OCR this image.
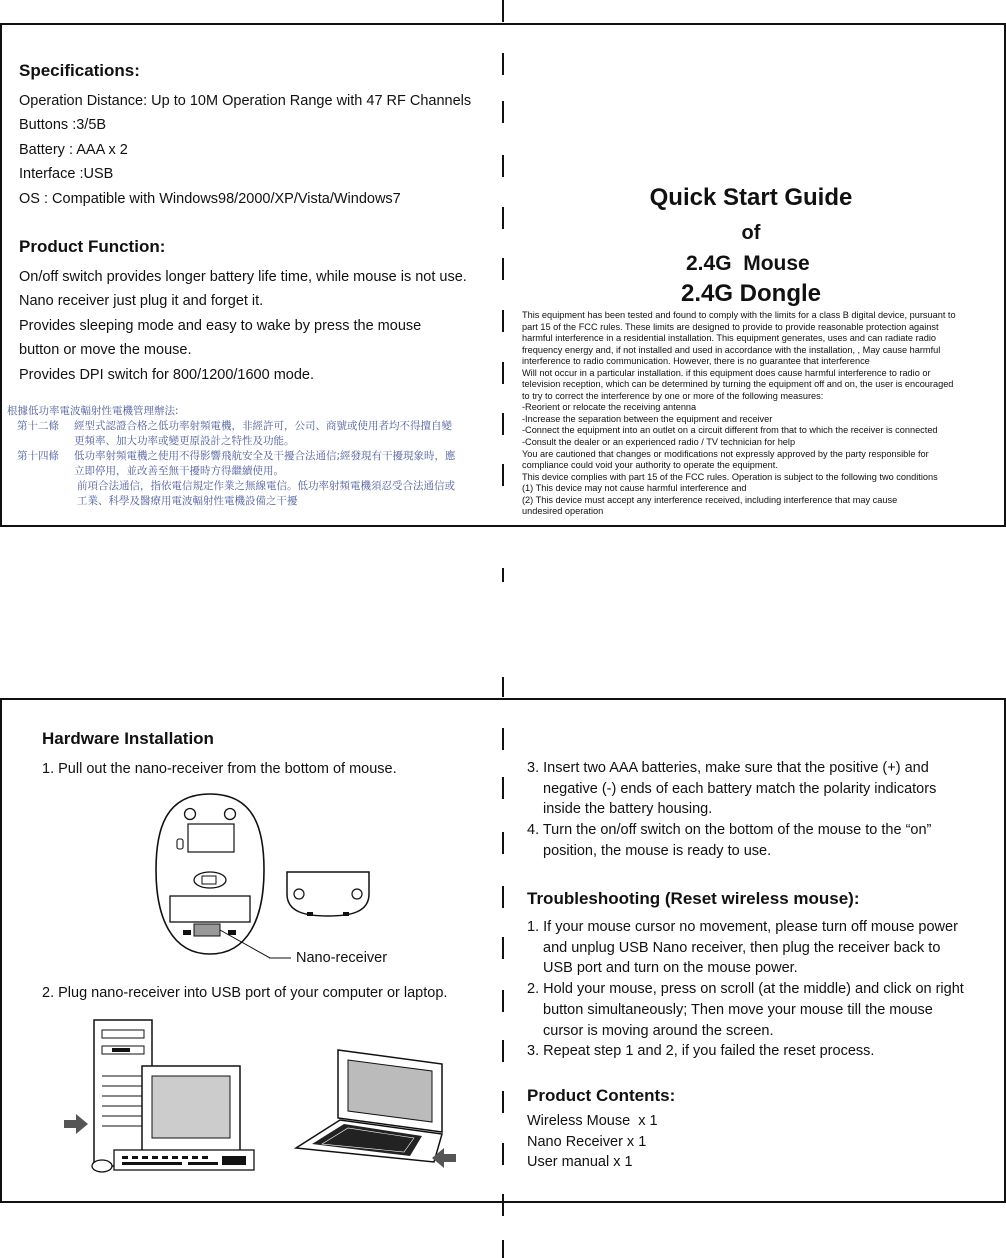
Specifications:
Operation Distance: Up to 10M Operation Range with 47 RF Channels
Buttons :3/5B
Battery : AAA x 2
Interface :USB
OS : Compatible with Windows98/2000/XP/Vista/Windows7
Product Function:
On/off switch provides longer battery life time, while mouse is not use.
Nano receiver just plug it and forget it.
Provides sleeping mode and easy to wake by press the mouse
button or move the mouse.
Provides DPI switch for 800/1200/1600 mode.
根據低功率電波輻射性電機管理辦法:
第十二條 經型式認證合格之低功率射頻電機，非經許可，公司、商號或使用者均不得擅自變
更頻率、加大功率或變更原設計之特性及功能。
第十四條 低功率射頻電機之使用不得影響飛航安全及干擾合法通信;經發現有干擾現象時，應
立即停用，並改善至無干擾時方得繼續使用。
前項合法通信，指依電信規定作業之無線電信。低功率射頻電機須忍受合法通信或
工業、科學及醫療用電波輻射性電機設備之干擾
Quick Start Guide
of
2.4G  Mouse
2.4G Dongle
This equipment has been tested and found to comply with the limits for a class B digital device, pursuant to
part 15 of the FCC rules. These limits are designed to provide to provide reasonable protection against
harmful interference in a residential installation. This equipment generates, uses and can radiate radio
frequency energy and, if not installed and used in accordance with the installation, , May cause harmful
interference to radio communication. However, there is no guarantee that interference
Will not occur in a particular installation. if this equipment does cause harmful interference to radio or
television reception, which can be determined by turning the equipment off and on, the user is encouraged
to try to correct the interference by one or more of the following measures:
-Reorient or relocate the receiving antenna
-Increase the separation between the equipment and receiver
-Connect the equipment into an outlet on a circuit different from that to which the receiver is connected
-Consult the dealer or an experienced radio / TV technician for help
You are cautioned that changes or modifications not expressly approved by the party responsible for
compliance could void your authority to operate the equipment.
This device complies with part 15 of the FCC rules. Operation is subject to the following two conditions
(1) This device may not cause harmful interference and
(2) This device must accept any interference received, including interference that may cause
undesired operation
Hardware Installation
1. Pull out the nano-receiver from the bottom of mouse.
Nano-receiver
2. Plug nano-receiver into USB port of your computer or laptop.
3. Insert two AAA batteries, make sure that the positive (+) and
negative (-) ends of each battery match the polarity indicators
inside the battery housing.
4. Turn the on/off switch on the bottom of the mouse to the “on”
position, the mouse is ready to use.
Troubleshooting (Reset wireless mouse):
1. If your mouse cursor no movement, please turn off mouse power
and unplug USB Nano receiver, then plug the receiver back to
USB port and turn on the mouse power.
2. Hold your mouse, press on scroll (at the middle) and click on right
button simultaneously; Then move your mouse till the mouse
cursor is moving around the screen.
3. Repeat step 1 and 2, if you failed the reset process.
Product Contents:
Wireless Mouse  x 1
Nano Receiver x 1
User manual x 1
